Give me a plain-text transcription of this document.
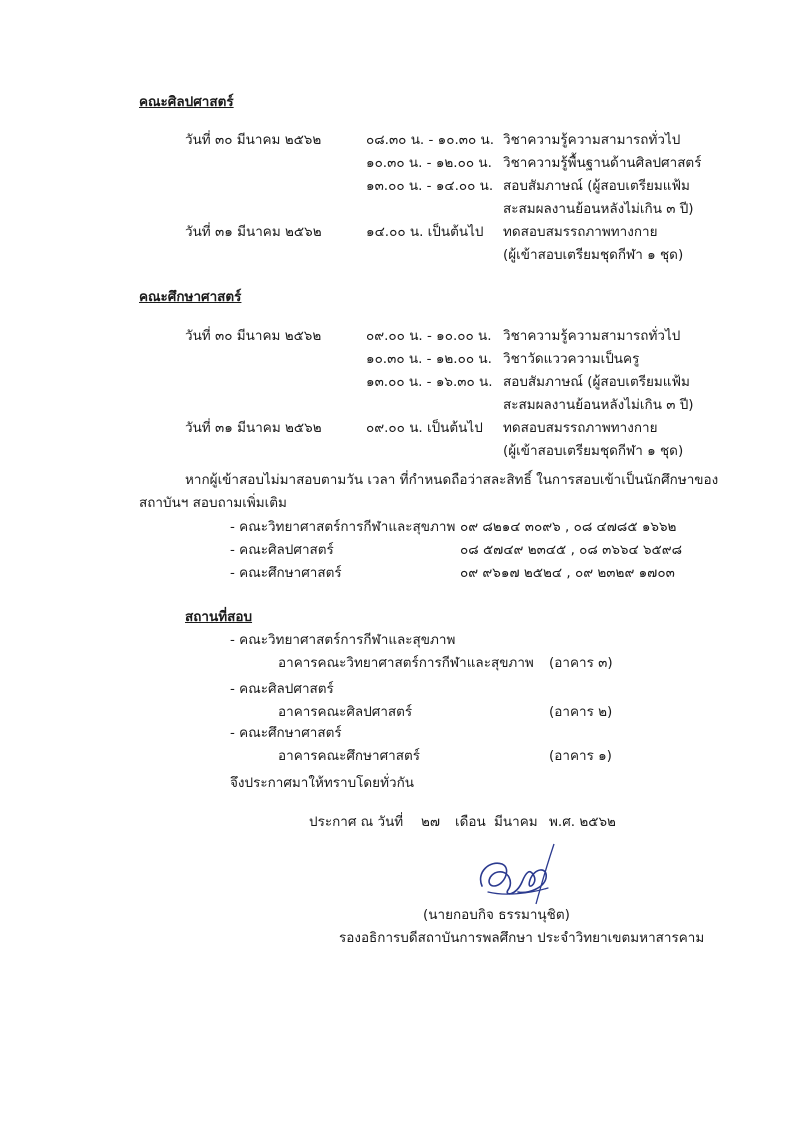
คณะศิลปศาสตร์
วันที่ ๓๐ มีนาคม ๒๕๖๒	๐๘.๓๐ น. - ๑๐.๓๐ น. วิชาความรู้ความสามารถทั่วไป
๑๐.๓๐ น. - ๑๒.๐๐ น. วิชาความรู้พื้นฐานด้านศิลปศาสตร์
๑๓.๐๐ น. - ๑๔.๐๐ น. สอบสัมภาษณ์ (ผู้สอบเตรียมแฟ้ม
สะสมผลงานย้อนหลังไม่เกิน ๓ ปี)
วันที่ ๓๑ มีนาคม ๒๕๖๒	๑๔.๐๐ น. เป็นต้นไป ทดสอบสมรรถภาพทางกาย
(ผู้เข้าสอบเตรียมชุดกีฬา ๑ ชุด)
คณะศึกษาศาสตร์
วันที่ ๓๐ มีนาคม ๒๕๖๒	๐๙.๐๐ น. - ๑๐.๐๐ น. วิชาความรู้ความสามารถทั่วไป
๑๐.๓๐ น. - ๑๒.๐๐ น. วิชาวัดแววความเป็นครู
๑๓.๐๐ น. - ๑๖.๓๐ น. สอบสัมภาษณ์ (ผู้สอบเตรียมแฟ้ม
สะสมผลงานย้อนหลังไม่เกิน ๓ ปี)
วันที่ ๓๑ มีนาคม ๒๕๖๒	๐๙.๐๐ น. เป็นต้นไป ทดสอบสมรรถภาพทางกาย
(ผู้เข้าสอบเตรียมชุดกีฬา ๑ ชุด)
หากผู้เข้าสอบไม่มาสอบตามวัน เวลา ที่กำหนดถือว่าสละสิทธิ์ ในการสอบเข้าเป็นนักศึกษาของ
สถาบันฯ สอบถามเพิ่มเติม
- คณะวิทยาศาสตร์การกีฬาและสุขภาพ ๐๙ ๘๒๑๔ ๓๐๙๖ , ๐๘ ๔๗๘๕ ๑๖๖๒
- คณะศิลปศาสตร์	๐๘ ๕๗๔๙ ๒๓๔๕ , ๐๘ ๓๖๖๔ ๖๕๙๘
- คณะศึกษาศาสตร์	๐๙ ๙๖๑๗ ๒๕๒๔ , ๐๙ ๒๓๒๙ ๑๗๐๓
สถานที่สอบ
- คณะวิทยาศาสตร์การกีฬาและสุขภาพ
อาคารคณะวิทยาศาสตร์การกีฬาและสุขภาพ (อาคาร ๓)
- คณะศิลปศาสตร์
อาคารคณะศิลปศาสตร์	(อาคาร ๒)
- คณะศึกษาศาสตร์
อาคารคณะศึกษาศาสตร์	(อาคาร ๑)
จึงประกาศมาให้ทราบโดยทั่วกัน
ประกาศ ณ วันที่ ๒๗ เดือน มีนาคม พ.ศ. ๒๕๖๒
(นายกอบกิจ ธรรมานุชิต)
รองอธิการบดีสถาบันการพลศึกษา ประจำวิทยาเขตมหาสารคาม
